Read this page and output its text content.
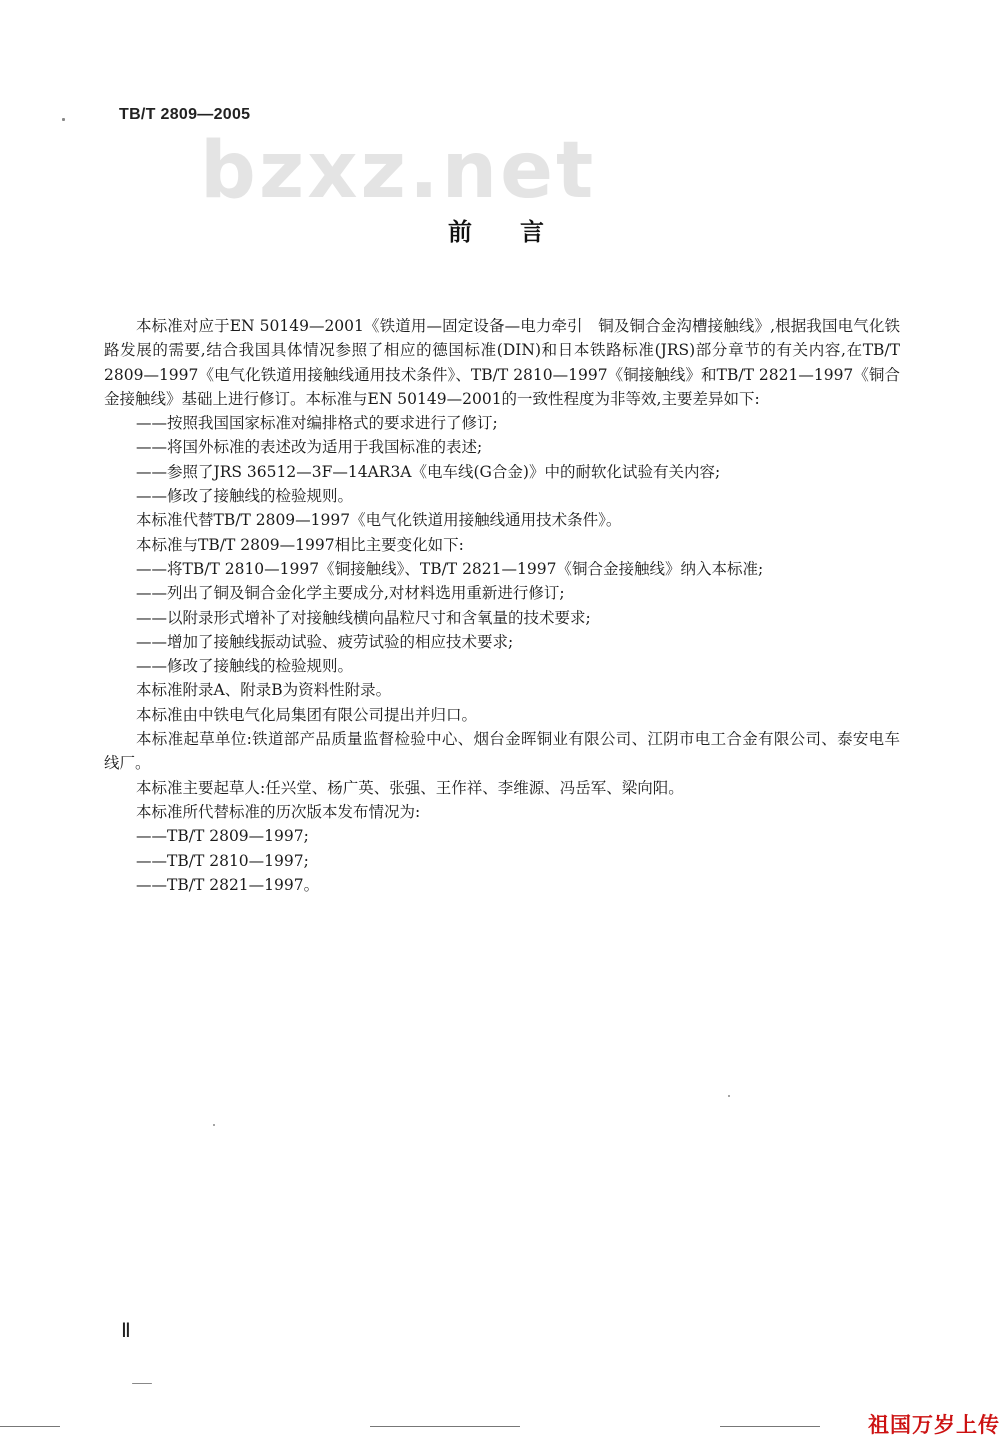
TB/T 2809—2005
bzxz.net
前言

本标准对应于EN 50149—2001《铁道用—固定设备—电力牵引　铜及铜合金沟槽接触线》,根据我国电气化铁路发展的需要,结合我国具体情况参照了相应的德国标准(DIN)和日本铁路标准(JRS)部分章节的有关内容,在TB/T 2809—1997《电气化铁道用接触线通用技术条件》、TB/T 2810—1997《铜接触线》和TB/T 2821—1997《铜合金接触线》基础上进行修订。本标准与EN 50149—2001的一致性程度为非等效,主要差异如下:

——按照我国国家标准对编排格式的要求进行了修订;

——将国外标准的表述改为适用于我国标准的表述;

——参照了JRS 36512—3F—14AR3A《电车线(G合金)》中的耐软化试验有关内容;

——修改了接触线的检验规则。

本标准代替TB/T 2809—1997《电气化铁道用接触线通用技术条件》。

本标准与TB/T 2809—1997相比主要变化如下:

——将TB/T 2810—1997《铜接触线》、TB/T 2821—1997《铜合金接触线》纳入本标准;

——列出了铜及铜合金化学主要成分,对材料选用重新进行修订;

——以附录形式增补了对接触线横向晶粒尺寸和含氧量的技术要求;

——增加了接触线振动试验、疲劳试验的相应技术要求;

——修改了接触线的检验规则。

本标准附录A、附录B为资料性附录。

本标准由中铁电气化局集团有限公司提出并归口。

本标准起草单位:铁道部产品质量监督检验中心、烟台金晖铜业有限公司、江阴市电工合金有限公司、泰安电车线厂。

本标准主要起草人:任兴堂、杨广英、张强、王作祥、李维源、冯岳军、梁向阳。

本标准所代替标准的历次版本发布情况为:

——TB/T 2809—1997;

——TB/T 2810—1997;

——TB/T 2821—1997。

Ⅱ
祖国万岁上传
